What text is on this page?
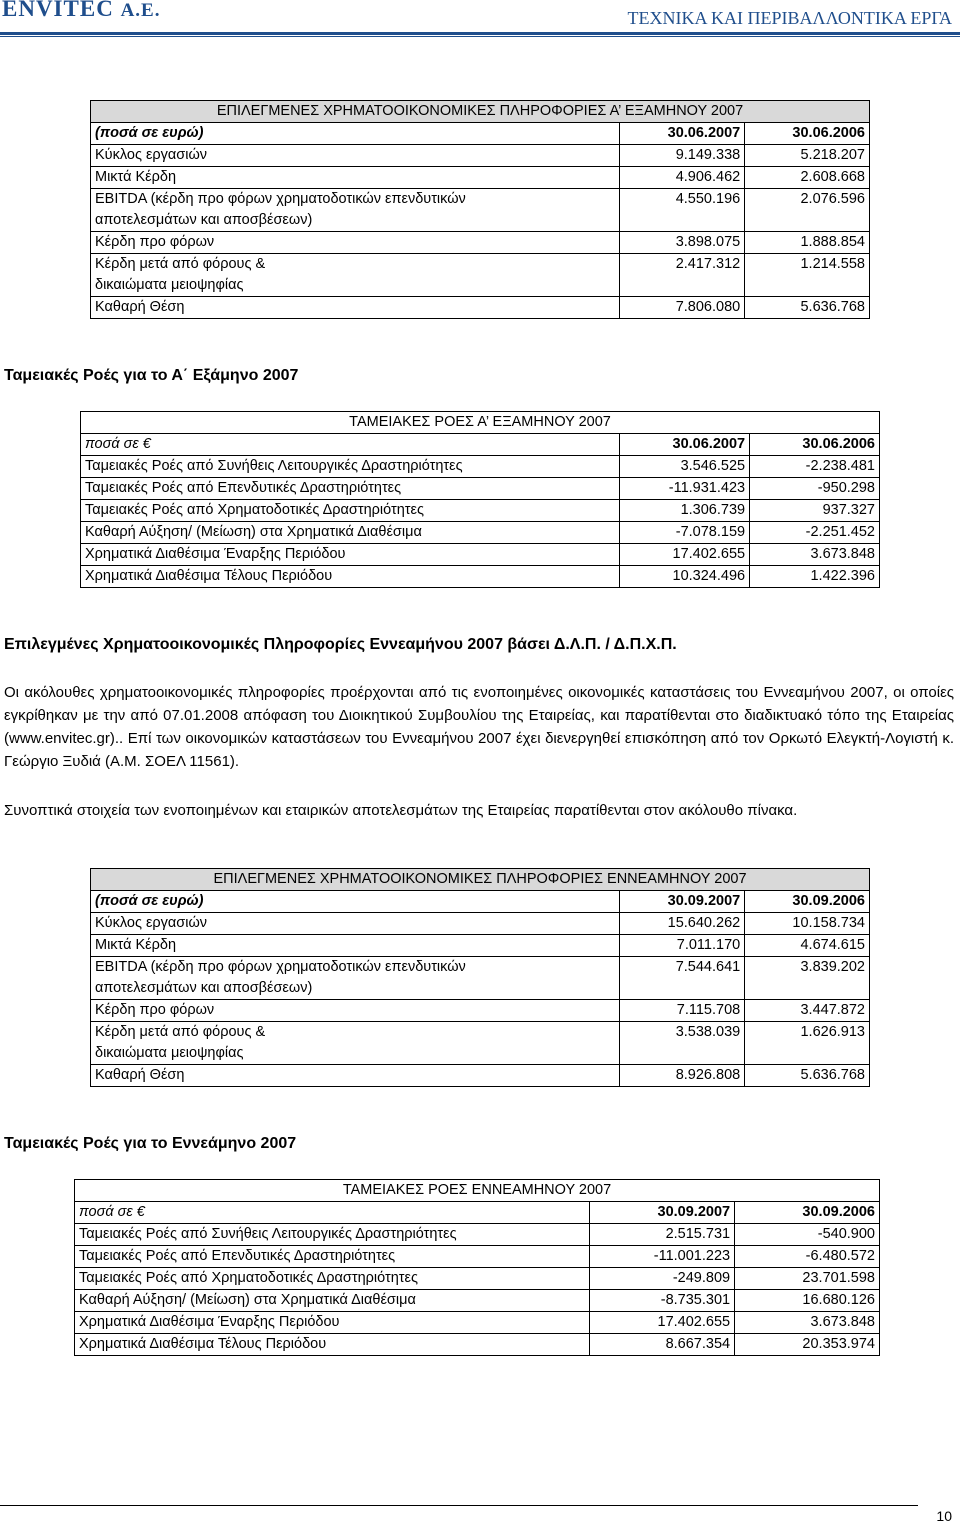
ENVITEC Α.Ε.	ΤΕΧΝΙΚΑ ΚΑΙ ΠΕΡΙΒΑΛΛΟΝΤΙΚΑ ΕΡΓΑ
ΕΠΙΛΕΓΜΕΝΕΣ ΧΡΗΜΑΤΟΟΙΚΟΝΟΜΙΚΕΣ ΠΛΗΡΟΦΟΡΙΕΣ Α’ ΕΞΑΜΗΝΟΥ 2007		
(ποσά σε ευρώ)	30.06.2007	30.06.2006
Κύκλος εργασιών	9.149.338	5.218.207
Μικτά Κέρδη	4.906.462	2.608.668
EBITDA (κέρδη προ φόρων χρηματοδοτικών επενδυτικών αποτελεσμάτων και αποσβέσεων)	4.550.196	2.076.596
Κέρδη προ φόρων	3.898.075	1.888.854
Κέρδη μετά από φόρους & δικαιώματα μειοψηφίας	2.417.312	1.214.558
Καθαρή Θέση	7.806.080	5.636.768
Ταμειακές Ροές για το Α΄ Εξάμηνο 2007
ΤΑΜΕΙΑΚΕΣ ΡΟΕΣ Α’ ΕΞΑΜΗΝΟΥ 2007		
ποσά σε €	30.06.2007	30.06.2006
Ταμειακές Ροές από Συνήθεις Λειτουργικές Δραστηριότητες	3.546.525	-2.238.481
Ταμειακές Ροές από Επενδυτικές Δραστηριότητες	-11.931.423	-950.298
Ταμειακές Ροές από Χρηματοδοτικές Δραστηριότητες	1.306.739	937.327
Καθαρή Αύξηση/ (Μείωση) στα Χρηματικά Διαθέσιμα	-7.078.159	-2.251.452
Χρηματικά Διαθέσιμα Έναρξης Περιόδου	17.402.655	3.673.848
Χρηματικά Διαθέσιμα Τέλους Περιόδου	10.324.496	1.422.396
Επιλεγμένες Χρηματοοικονομικές Πληροφορίες Εννεαμήνου 2007 βάσει Δ.Λ.Π. / Δ.Π.Χ.Π.
Οι ακόλουθες χρηματοοικονομικές πληροφορίες προέρχονται από τις ενοποιημένες οικονομικές καταστάσεις του Εννεαμήνου 2007, οι οποίες εγκρίθηκαν με την από 07.01.2008 απόφαση του Διοικητικού Συμβουλίου της Εταιρείας, και παρατίθενται στο διαδικτυακό τόπο της Εταιρείας (www.envitec.gr).. Επί των οικονομικών καταστάσεων του Εννεαμήνου 2007 έχει διενεργηθεί επισκόπηση από τον Ορκωτό Ελεγκτή-Λογιστή κ. Γεώργιο Ξυδιά (Α.Μ. ΣΟΕΛ 11561).
Συνοπτικά στοιχεία των ενοποιημένων και εταιρικών αποτελεσμάτων της Εταιρείας παρατίθενται στον ακόλουθο πίνακα.
ΕΠΙΛΕΓΜΕΝΕΣ ΧΡΗΜΑΤΟΟΙΚΟΝΟΜΙΚΕΣ ΠΛΗΡΟΦΟΡΙΕΣ ΕΝΝΕΑΜΗΝΟΥ 2007		
(ποσά σε ευρώ)	30.09.2007	30.09.2006
Κύκλος εργασιών	15.640.262	10.158.734
Μικτά Κέρδη	7.011.170	4.674.615
EBITDA (κέρδη προ φόρων χρηματοδοτικών επενδυτικών αποτελεσμάτων και αποσβέσεων)	7.544.641	3.839.202
Κέρδη προ φόρων	7.115.708	3.447.872
Κέρδη μετά από φόρους & δικαιώματα μειοψηφίας	3.538.039	1.626.913
Καθαρή Θέση	8.926.808	5.636.768
Ταμειακές Ροές για το Εννεάμηνο 2007
ΤΑΜΕΙΑΚΕΣ ΡΟΕΣ ΕΝΝΕΑΜΗΝΟΥ 2007		
ποσά σε €	30.09.2007	30.09.2006
Ταμειακές Ροές από Συνήθεις Λειτουργικές Δραστηριότητες	2.515.731	-540.900
Ταμειακές Ροές από Επενδυτικές Δραστηριότητες	-11.001.223	-6.480.572
Ταμειακές Ροές από Χρηματοδοτικές Δραστηριότητες	-249.809	23.701.598
Καθαρή Αύξηση/ (Μείωση) στα Χρηματικά Διαθέσιμα	-8.735.301	16.680.126
Χρηματικά Διαθέσιμα Έναρξης Περιόδου	17.402.655	3.673.848
Χρηματικά Διαθέσιμα Τέλους Περιόδου	8.667.354	20.353.974
10
